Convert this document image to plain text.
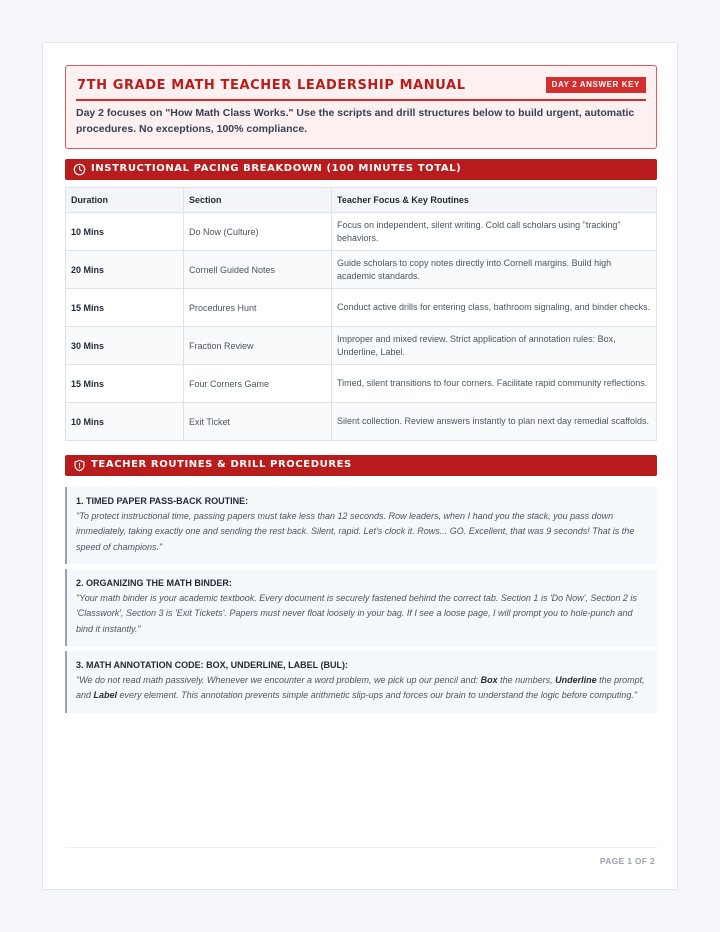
7TH GRADE MATH TEACHER LEADERSHIP MANUAL	DAY 2 ANSWER KEY
Day 2 focuses on "How Math Class Works." Use the scripts and drill structures below to build urgent, automatic procedures. No exceptions, 100% compliance.
INSTRUCTIONAL PACING BREAKDOWN (100 MINUTES TOTAL)
Duration	Section	Teacher Focus & Key Routines
10 Mins	Do Now (Culture)	Focus on independent, silent writing. Cold call scholars using "tracking" behaviors.
20 Mins	Cornell Guided Notes	Guide scholars to copy notes directly into Cornell margins. Build high academic standards.
15 Mins	Procedures Hunt	Conduct active drills for entering class, bathroom signaling, and binder checks.
30 Mins	Fraction Review	Improper and mixed review. Strict application of annotation rules: Box, Underline, Label.
15 Mins	Four Corners Game	Timed, silent transitions to four corners. Facilitate rapid community reflections.
10 Mins	Exit Ticket	Silent collection. Review answers instantly to plan next day remedial scaffolds.
TEACHER ROUTINES & DRILL PROCEDURES
1. TIMED PAPER PASS-BACK ROUTINE:
"To protect instructional time, passing papers must take less than 12 seconds. Row leaders, when I hand you the stack, you pass down immediately, taking exactly one and sending the rest back. Silent, rapid. Let's clock it. Rows... GO. Excellent, that was 9 seconds! That is the speed of champions."
2. ORGANIZING THE MATH BINDER:
"Your math binder is your academic textbook. Every document is securely fastened behind the correct tab. Section 1 is 'Do Now', Section 2 is 'Classwork', Section 3 is 'Exit Tickets'. Papers must never float loosely in your bag. If I see a loose page, I will prompt you to hole-punch and bind it instantly."
3. MATH ANNOTATION CODE: BOX, UNDERLINE, LABEL (BUL):
"We do not read math passively. Whenever we encounter a word problem, we pick up our pencil and: Box the numbers, Underline the prompt, and Label every element. This annotation prevents simple arithmetic slip-ups and forces our brain to understand the logic before computing."
PAGE 1 OF 2
